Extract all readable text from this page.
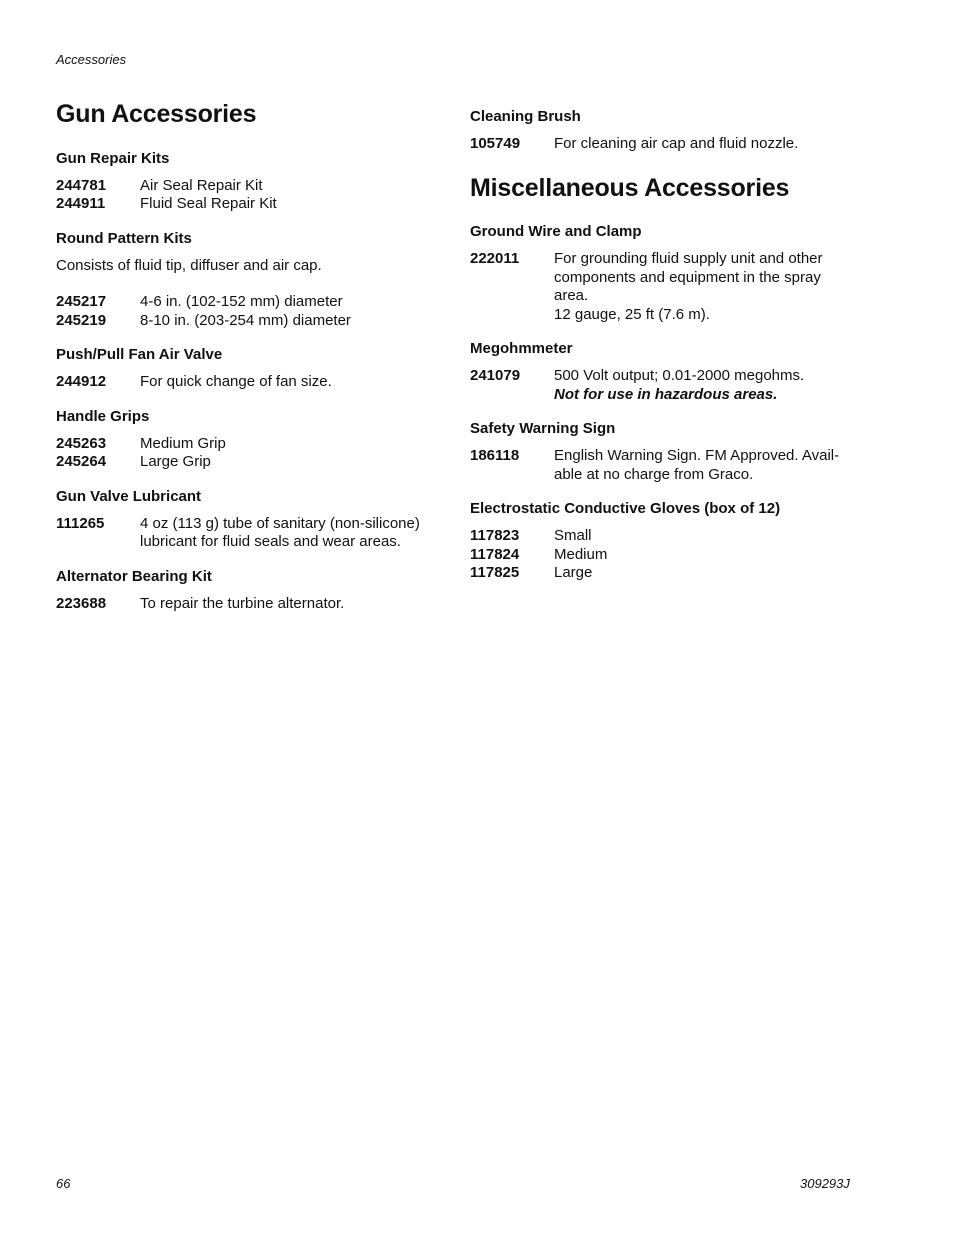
Accessories
Gun Accessories
Gun Repair Kits
244781	Air Seal Repair Kit
244911	Fluid Seal Repair Kit
Round Pattern Kits

Consists of fluid tip, diffuser and air cap.

245217	4-6 in. (102-152 mm) diameter
245219	8-10 in. (203-254 mm) diameter
Push/Pull Fan Air Valve
244912	For quick change of fan size.
Handle Grips
245263	Medium Grip
245264	Large Grip
Gun Valve Lubricant
111265	4 oz (113 g) tube of sanitary (non-silicone) lubricant for fluid seals and wear areas.
Alternator Bearing Kit
223688	To repair the turbine alternator.
Cleaning Brush
105749	For cleaning air cap and fluid nozzle.
Miscellaneous Accessories
Ground Wire and Clamp
222011	For grounding fluid supply unit and other
components and equipment in the spray
area.
12 gauge, 25 ft (7.6 m).
Megohmmeter
241079	500 Volt output; 0.01-2000 megohms.
Not for use in hazardous areas.
Safety Warning Sign
186118	English Warning Sign. FM Approved. Avail-
able at no charge from Graco.
Electrostatic Conductive Gloves (box of 12)
117823	Small
117824	Medium
117825	Large
66	309293J
